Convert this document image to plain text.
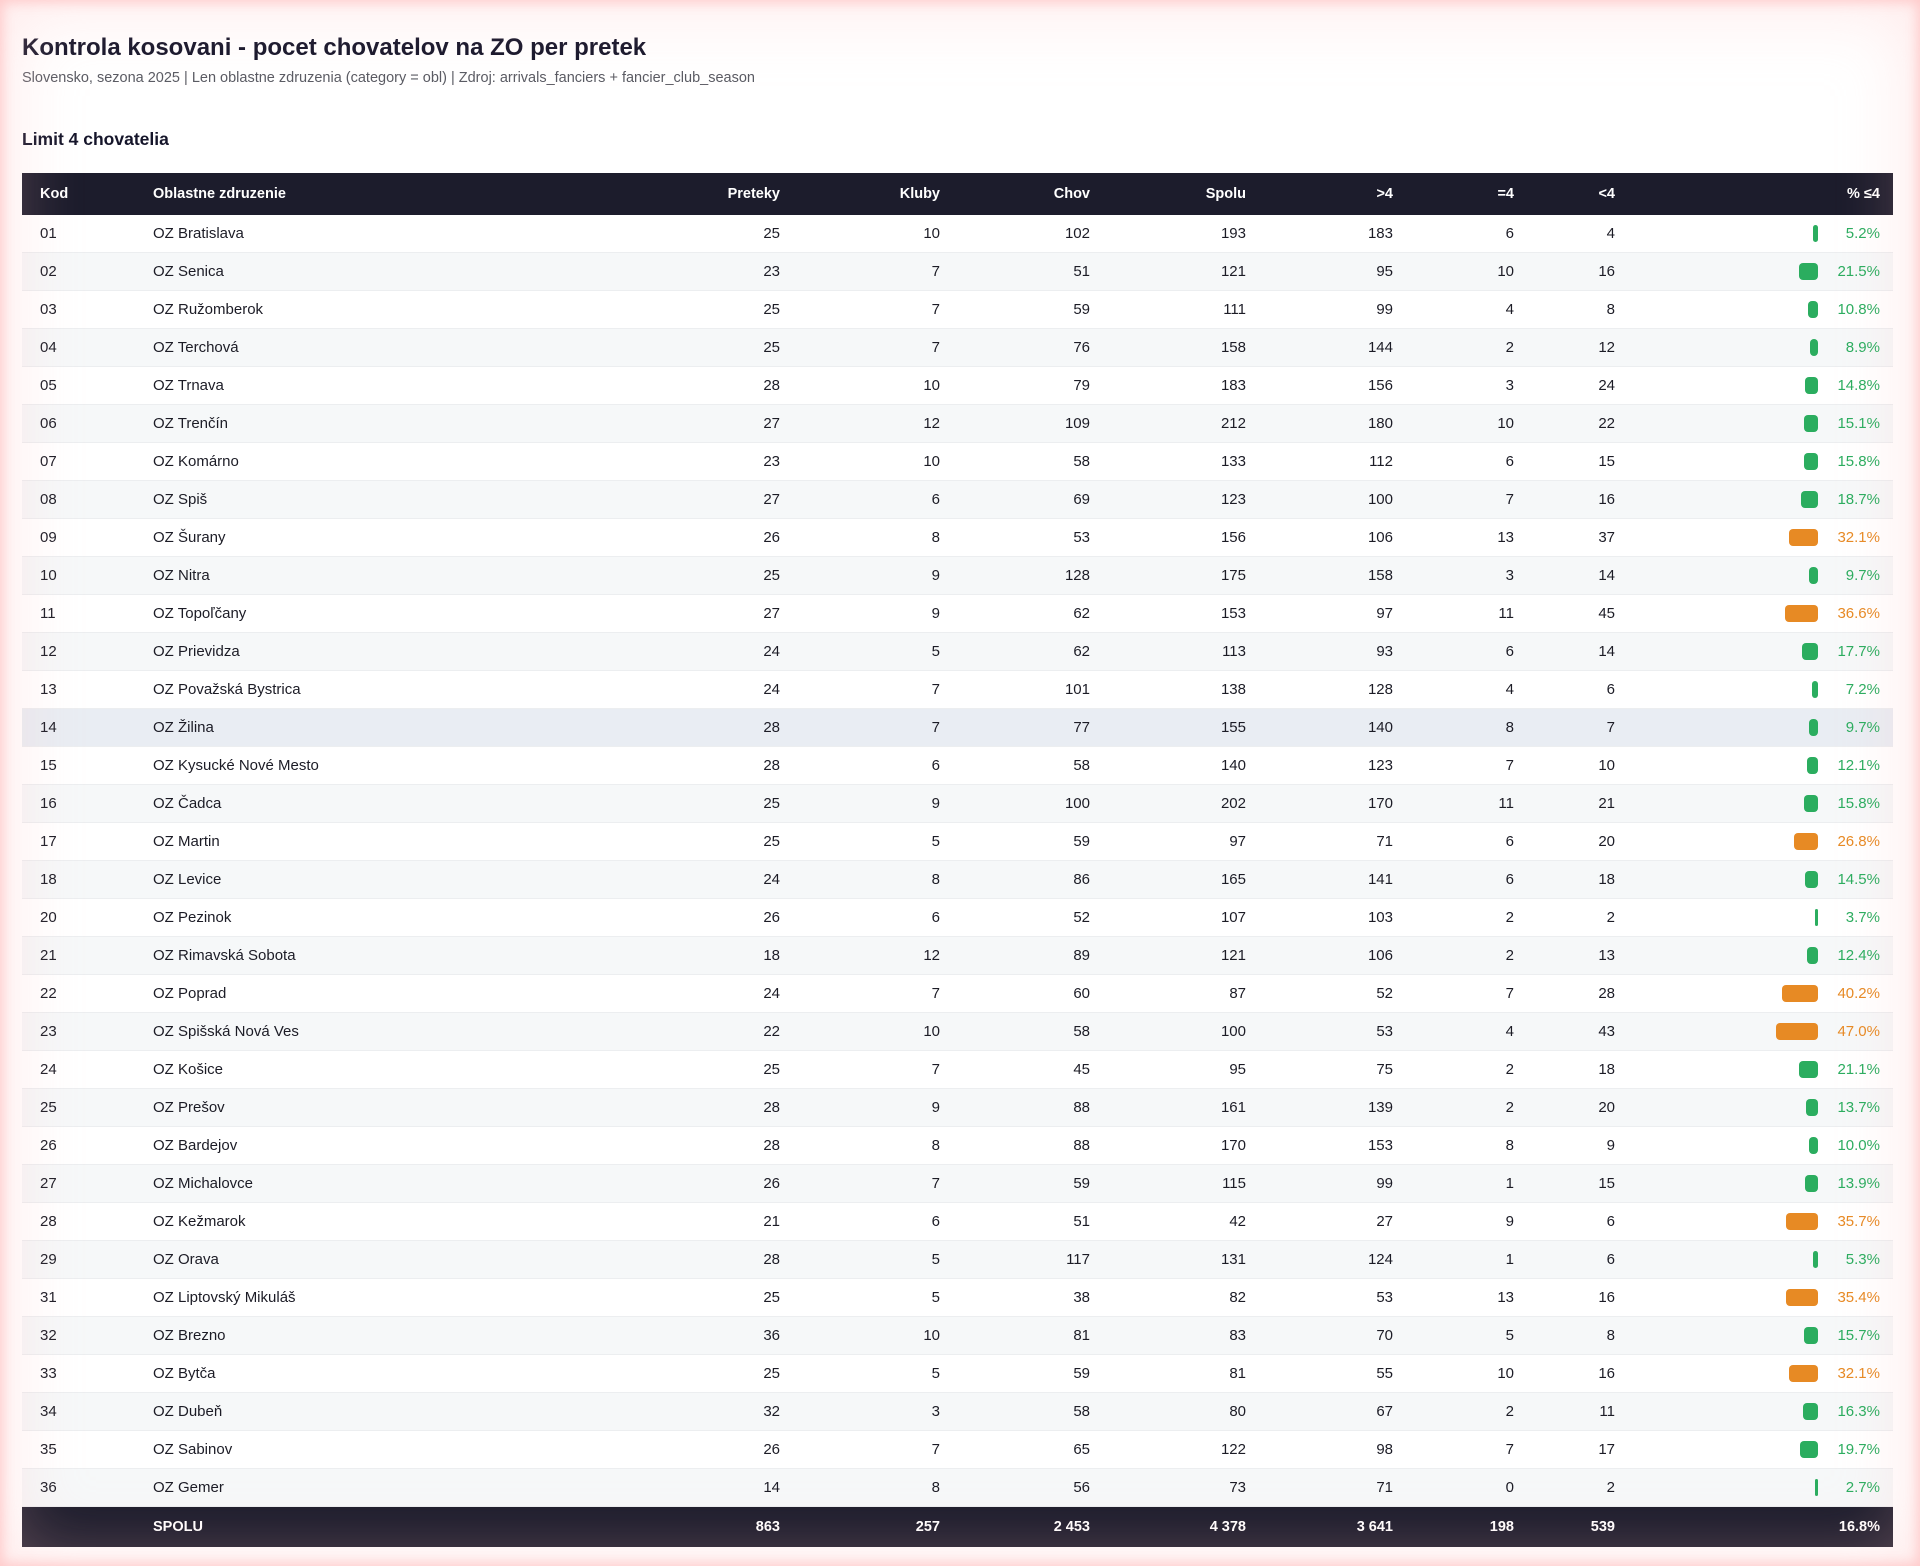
Kontrola kosovani - pocet chovatelov na ZO per pretek

Slovensko, sezona 2025 | Len oblastne zdruzenia (category = obl) | Zdroj: arrivals_fanciers + fancier_club_season

Limit 4 chovatelia
Kod	Oblastne zdruzenie	Preteky	Kluby	Chov	Spolu	>4	=4	<4	% ≤4
01	OZ Bratislava	25	10	102	193	183	6	4	5.2%

02	OZ Senica	23	7	51	121	95	10	16	21.5%

03	OZ Ružomberok	25	7	59	111	99	4	8	10.8%

04	OZ Terchová	25	7	76	158	144	2	12	8.9%

05	OZ Trnava	28	10	79	183	156	3	24	14.8%

06	OZ Trenčín	27	12	109	212	180	10	22	15.1%

07	OZ Komárno	23	10	58	133	112	6	15	15.8%

08	OZ Spiš	27	6	69	123	100	7	16	18.7%

09	OZ Šurany	26	8	53	156	106	13	37	32.1%

10	OZ Nitra	25	9	128	175	158	3	14	9.7%

11	OZ Topoľčany	27	9	62	153	97	11	45	36.6%

12	OZ Prievidza	24	5	62	113	93	6	14	17.7%

13	OZ Považská Bystrica	24	7	101	138	128	4	6	7.2%

14	OZ Žilina	28	7	77	155	140	8	7	9.7%

15	OZ Kysucké Nové Mesto	28	6	58	140	123	7	10	12.1%

16	OZ Čadca	25	9	100	202	170	11	21	15.8%

17	OZ Martin	25	5	59	97	71	6	20	26.8%

18	OZ Levice	24	8	86	165	141	6	18	14.5%

20	OZ Pezinok	26	6	52	107	103	2	2	3.7%

21	OZ Rimavská Sobota	18	12	89	121	106	2	13	12.4%

22	OZ Poprad	24	7	60	87	52	7	28	40.2%

23	OZ Spišská Nová Ves	22	10	58	100	53	4	43	47.0%

24	OZ Košice	25	7	45	95	75	2	18	21.1%

25	OZ Prešov	28	9	88	161	139	2	20	13.7%

26	OZ Bardejov	28	8	88	170	153	8	9	10.0%

27	OZ Michalovce	26	7	59	115	99	1	15	13.9%

28	OZ Kežmarok	21	6	51	42	27	9	6	35.7%

29	OZ Orava	28	5	117	131	124	1	6	5.3%

31	OZ Liptovský Mikuláš	25	5	38	82	53	13	16	35.4%

32	OZ Brezno	36	10	81	83	70	5	8	15.7%

33	OZ Bytča	25	5	59	81	55	10	16	32.1%

34	OZ Dubeň	32	3	58	80	67	2	11	16.3%

35	OZ Sabinov	26	7	65	122	98	7	17	19.7%

36	OZ Gemer	14	8	56	73	71	0	2	2.7%

	SPOLU	863	257	2 453	4 378	3 641	198	539	16.8%
